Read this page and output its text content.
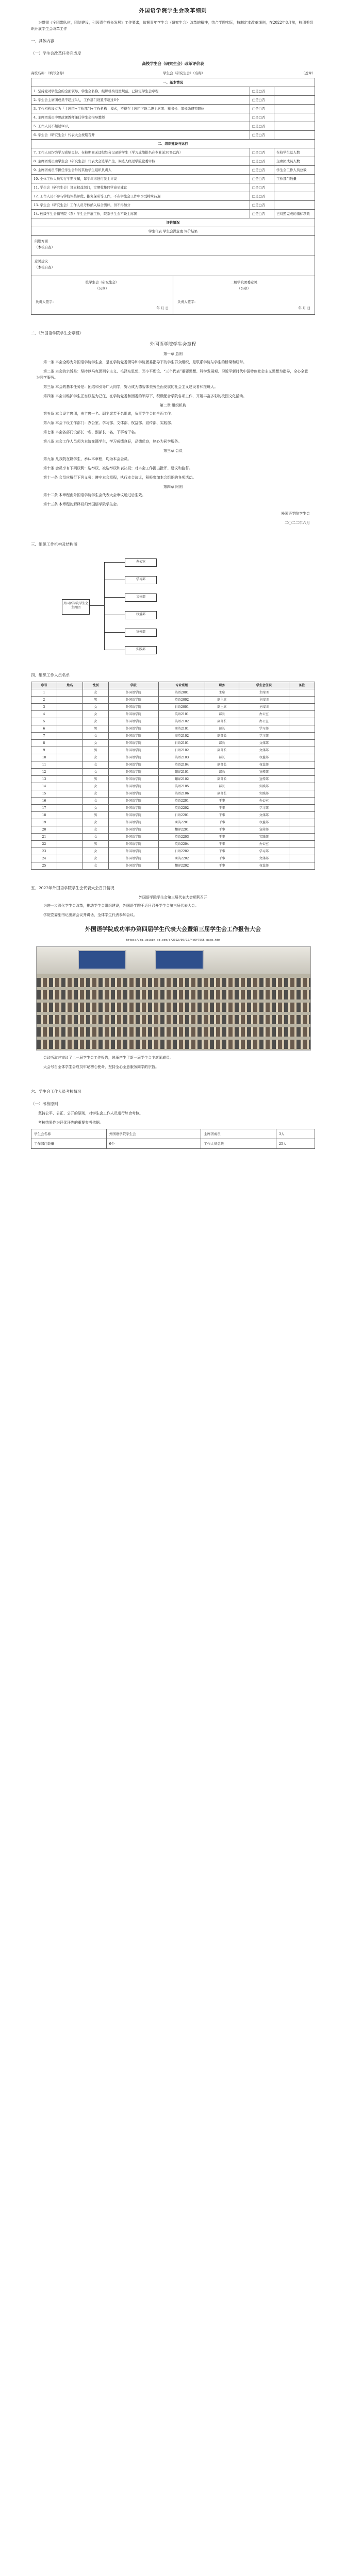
外国语学院学生会改革细则

为贯彻《全团带队伍，团结建设，引领青年成长发展》工作要求，依据青年学生会（研究生会）改革的精神，结合学院实际，特制定本改革细则，在2022年8月前，校团委组织开展学生会改革工作

一、具体内容
（一）学生会改革任务完成度
高校学生会（研究生会）改革评价表
高校名称：（填写全称）	学生会（研究生会）（名称）	（盖章）
一、基本情况		
1. 坚持党对学生会的全面领导，学生会名称、组织机构设置规范，已制定学生会章程	□是□否	
2. 学生会主席团成员不超过3人，工作部门设置不超过6个	□是□否	
3. 工作机构设立为「主席团+工作部门+工作机构」模式，不得在主席团下设二级主席团、秘书长、部长助理等职位	□是□否	
4. 主席团成员中思政课教师兼任学生会指导教师	□是□否	
5. 工作人员不超过50人	□是□否	
6. 学生会（研究生会）代表大会按期召开	□是□否	
二、组织建设与运行		
7. 工作人员均为学习成绩良好、在校期间无违纪处分记录的学生（学习成绩排名在专业前30%以内）	□是□否	在校学生总人数
8. 主席团成员由学生会（研究生会）代表大会选举产生，候选人经过学院党委审核	□是□否	主席团成员人数
9. 主席团成员不担任学生会外的其他学生组织负责人	□是□否	学生会工作人员总数
10. 全体工作人员实行学期换届，每学年末进行民主评议	□是□否	工作部门数量
11. 学生会（研究生会）设立权益部门，定期收集同学意见建议	□是□否	
12. 工作人员不参与学校评奖评优、推免保研等工作，不在学生会工作中享受特殊待遇	□是□否	
13. 学生会（研究生会）工作人员考核纳入综合测评，但不得加分	□是□否	
14. 校级学生会指导院（系）学生会开展工作，院系学生会不设主席团	□是□否	已对照完成的指标项数
评价情况		
学生代表 学生会满意度 评价结果		
问题方面
（本校自查）
意见建议
（本校自查）
校学生会（研究生会）
（公章）
负责人签字：
年 月 日
二级学院团委意见
（公章）
负责人签字：
年 月 日
二、《外国语学院学生会章程》
外国语学院学生会章程
第一章 总则

第一条 本会全称为外国语学院学生会，是在学院党委领导和学院团委指导下的学生群众组织，是联系学院与学生的桥梁和纽带。

第二条 本会的宗旨是：坚持以马克思列宁主义、毛泽东思想、邓小平理论、“三个代表”重要思想、科学发展观、习近平新时代中国特色社会主义思想为指导，全心全意为同学服务。

第三条 本会的基本任务是：团结和引导广大同学，努力成为德智体美劳全面发展的社会主义建设者和接班人。

第四条 本会以维护学生正当权益为己任，在学院党委和团委的领导下，积极配合学院各项工作，开展丰富多彩的校园文化活动。

第二章 组织机构

第五条 本会设主席团，由主席一名、副主席若干名组成，负责学生会的全面工作。

第六条 本会下设工作部门：办公室、学习部、文体部、权益部、宣传部、实践部。

第七条 本会各部门设部长一名、副部长一名，干事若干名。

第八条 本会工作人员须为本院在籍学生，学习成绩良好，品德优良，热心为同学服务。

第三章 会员

第九条 凡我院在籍学生，承认本章程，均为本会会员。

第十条 会员享有下列权利：选举权、被选举权和表决权；对本会工作提出批评、建议和监督。

第十一条 会员应履行下列义务：遵守本会章程，执行本会决议，积极参加本会组织的各项活动。

第四章 附则

第十二条 本章程由外国语学院学生会代表大会审议通过后生效。

第十三条 本章程的解释权归外国语学院学生会。

外国语学院学生会
二〇二二年六月
三、组织工作机构及结构图
外国语学院学生会主席团
办公室
学习部
文体部
权益部
宣传部
实践部
四、组织工作人员名单
序号	姓名	性别	学院	专业班级	职务	学生会任职	备注
1		女	外国语学院	英语2001	主席	主席团	
2		男	外国语学院	英语2002	副主席	主席团	
3		女	外国语学院	日语2001	副主席	主席团	
4		女	外国语学院	英语2101	部长	办公室	
5		女	外国语学院	英语2102	副部长	办公室	
6		男	外国语学院	商英2101	部长	学习部	
7		女	外国语学院	商英2102	副部长	学习部	
8		女	外国语学院	日语2101	部长	文体部	
9		男	外国语学院	日语2102	副部长	文体部	
10		女	外国语学院	英语2103	部长	权益部	
11		女	外国语学院	英语2104	副部长	权益部	
12		女	外国语学院	翻译2101	部长	宣传部	
13		男	外国语学院	翻译2102	副部长	宣传部	
14		女	外国语学院	英语2105	部长	实践部	
15		女	外国语学院	英语2106	副部长	实践部	
16		女	外国语学院	英语2201	干事	办公室	
17		女	外国语学院	英语2202	干事	学习部	
18		男	外国语学院	日语2201	干事	文体部	
19		女	外国语学院	商英2201	干事	权益部	
20		女	外国语学院	翻译2201	干事	宣传部	
21		女	外国语学院	英语2203	干事	实践部	
22		男	外国语学院	英语2204	干事	办公室	
23		女	外国语学院	日语2202	干事	学习部	
24		女	外国语学院	商英2202	干事	文体部	
25		女	外国语学院	翻译2202	干事	权益部	
五、2022年外国语学院学生会代表大会召开情况
外国语学院学生会第三届代表大会顺利召开

为进一步深化学生会改革，推动学生会组织建设，外国语学院于近日召开学生会第三届代表大会。

学院党委副书记出席会议并讲话，全体学生代表参加会议。

外国语学院成功举办第四届学生代表大会暨第三届学生会工作报告大会
https://mp.weixin.qq.com/s/2022/06/12/4a6f7555-page.htm

会议听取并审议了上一届学生会工作报告，选举产生了新一届学生会主席团成员。

大会号召全体学生会成员牢记初心使命，坚持全心全意服务同学的宗旨。

六、学生会工作人员考核情况
（一）考核原则

坚持公平、公正、公开的原则，对学生会工作人员进行综合考核。

考核结果作为评优评先的重要参考依据。

学生会名称	外国语学院学生会	主席团成员	3人
工作部门数量	6个	工作人员总数	25人
